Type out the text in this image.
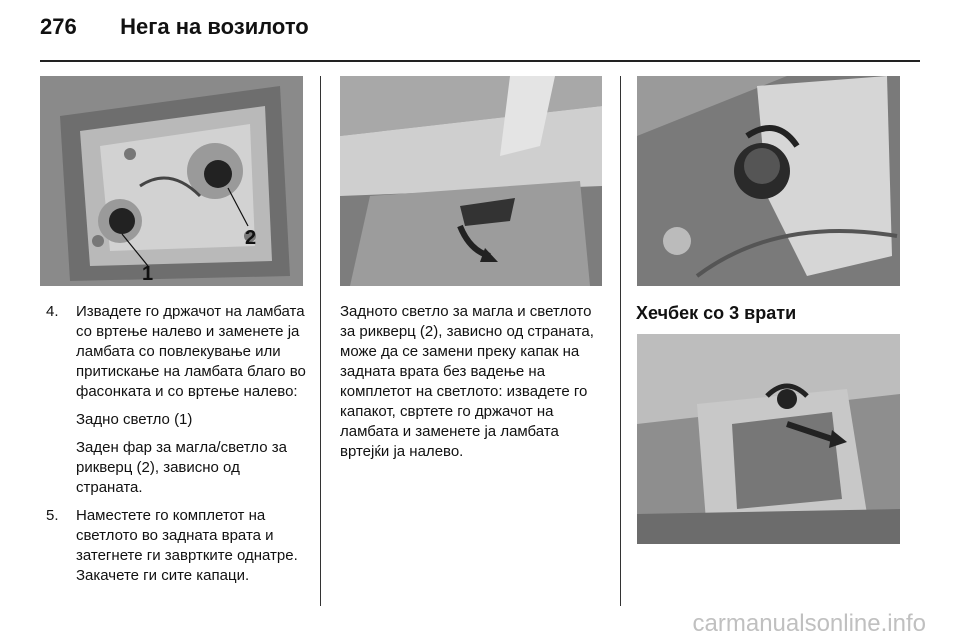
276 Нега на возилото
1
2
4. Извадете го држачот на ламбата со вртење налево и заменете ја ламбата со повлекување или притискање на ламбата благо во фасонката и со вртење налево:
Задно светло (1)
Заден фар за магла/светло за рикверц (2), зависно од страната.
5. Наместете го комплетот на светлото во задната врата и затегнете ги завртките однатре. Закачете ги сите капаци.

Задното светло за магла и светлото за рикверц (2), зависно од страната, може да се замени преку капак на задната врата без вадење на комплетот на светлото: извадете го капакот, свртете го држачот на ламбата и заменете ја ламбата вртејќи ја налево.

Хечбек со 3 врати
carmanualsonline.info
